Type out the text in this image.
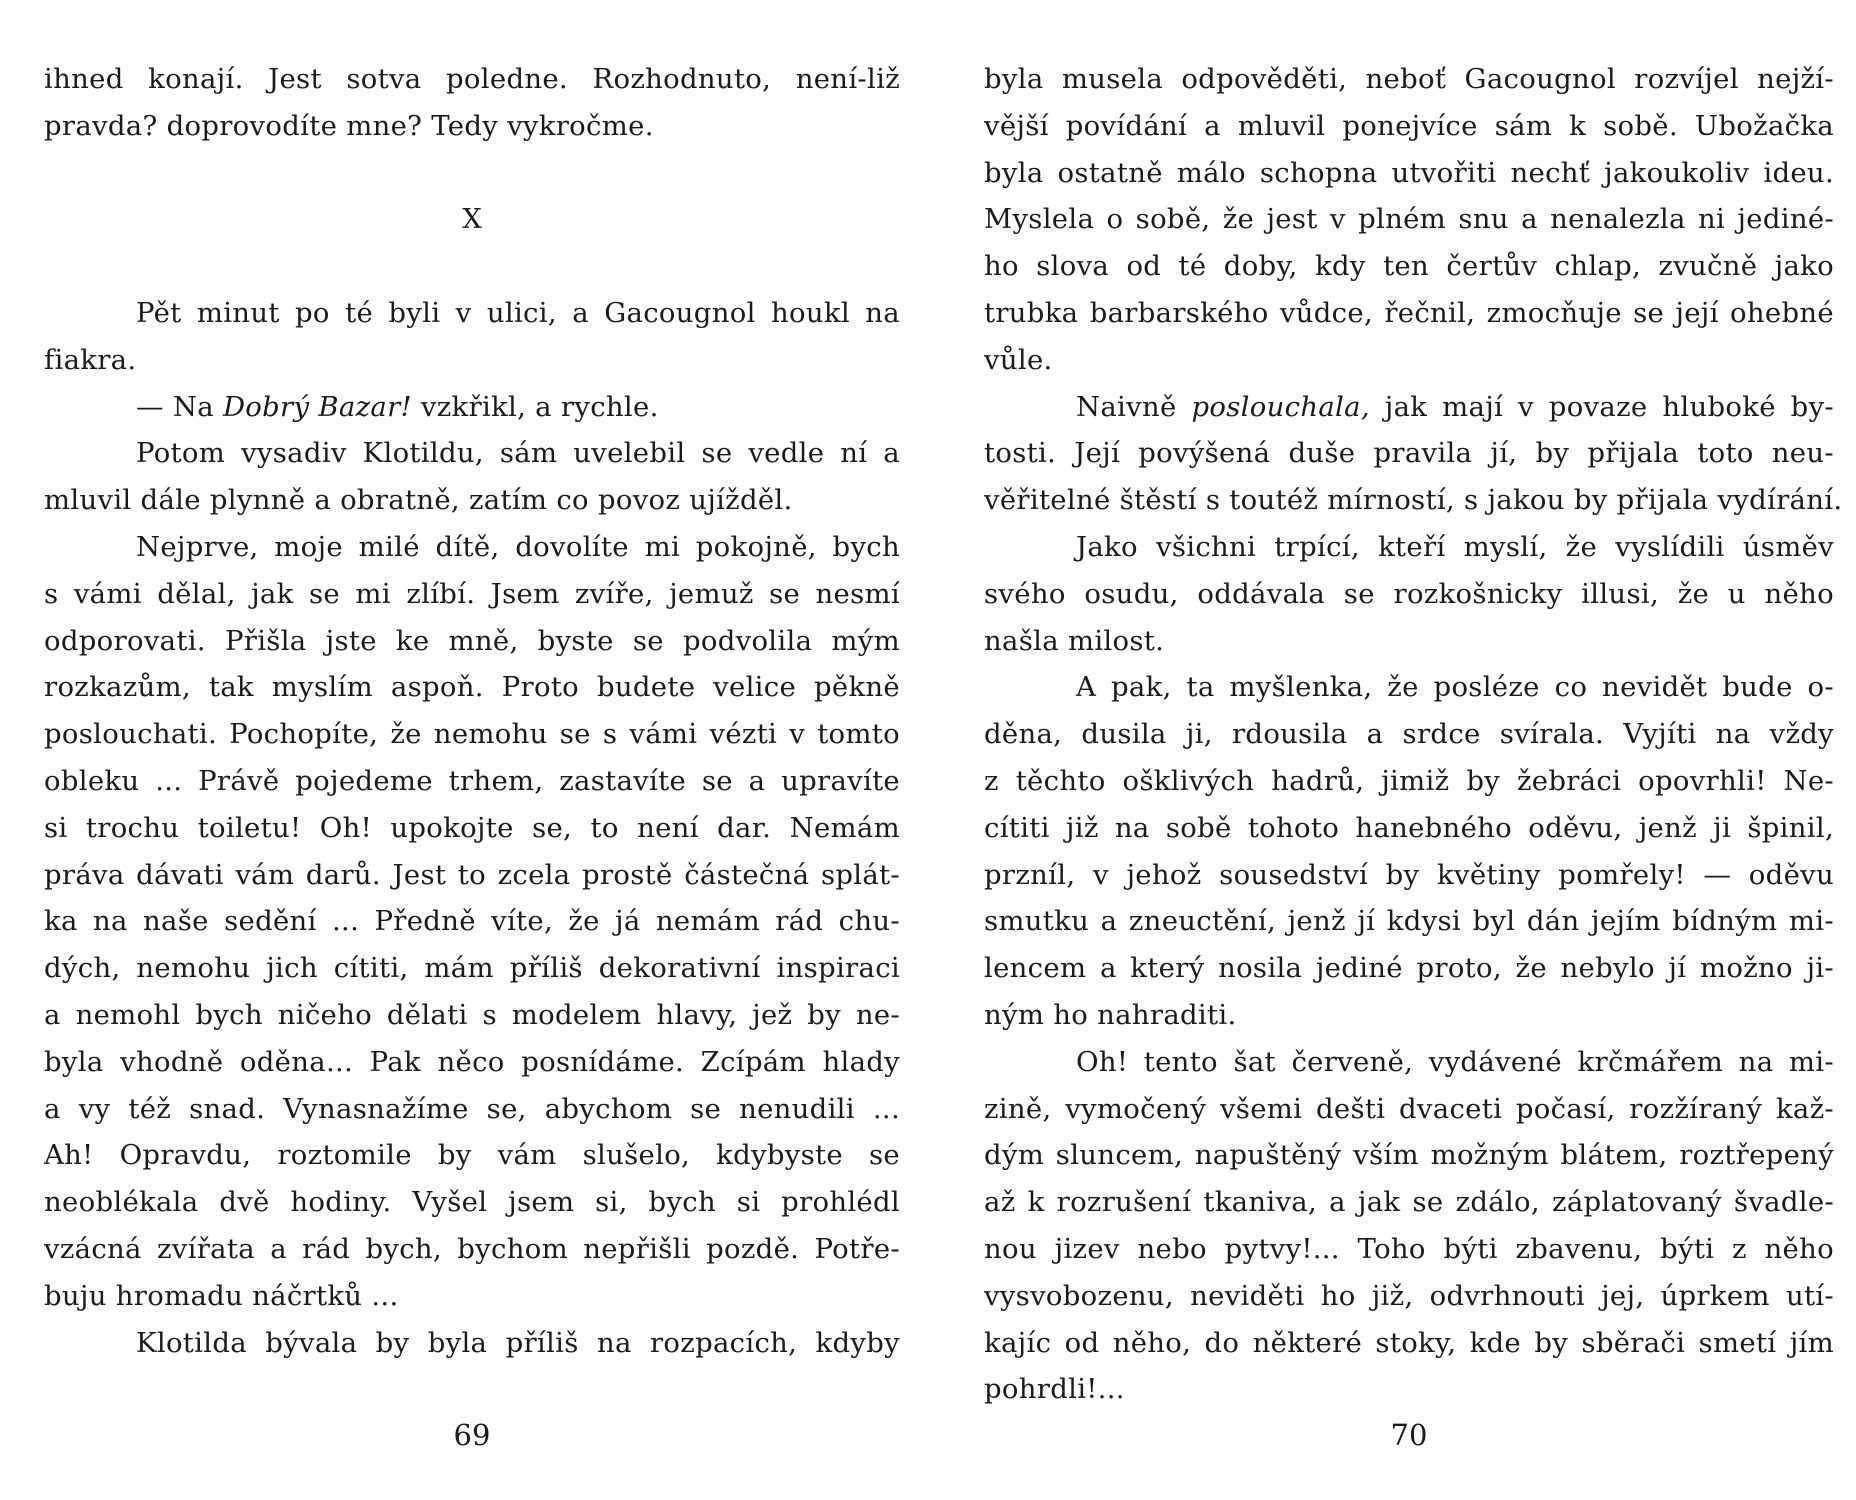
ihned konají. Jest sotva poledne. Rozhodnuto, není-liž
pravda? doprovodíte mne? Tedy vykročme.
X
Pět minut po té byli v ulici, a Gacougnol houkl na
fiakra.
— Na Dobrý Bazar! vzkřikl, a rychle.
Potom vysadiv Klotildu, sám uvelebil se vedle ní a
mluvil dále plynně a obratně, zatím co povoz ujížděl.
Nejprve, moje milé dítě, dovolíte mi pokojně, bych
s vámi dělal, jak se mi zlíbí. Jsem zvíře, jemuž se nesmí
odporovati. Přišla jste ke mně, byste se podvolila mým
rozkazům, tak myslím aspoň. Proto budete velice pěkně
poslouchati. Pochopíte, že nemohu se s vámi vézti v tomto
obleku ... Právě pojedeme trhem, zastavíte se a upravíte
si trochu toiletu! Oh! upokojte se, to není dar. Nemám
práva dávati vám darů. Jest to zcela prostě částečná splát-
ka na naše sedění ... Předně víte, že já nemám rád chu-
dých, nemohu jich cítiti, mám příliš dekorativní inspiraci
a nemohl bych ničeho dělati s modelem hlavy, jež by ne-
byla vhodně oděna... Pak něco posnídáme. Zcípám hlady
a vy též snad. Vynasnažíme se, abychom se nenudili ...
Ah! Opravdu, roztomile by vám slušelo, kdybyste se
neoblékala dvě hodiny. Vyšel jsem si, bych si prohlédl
vzácná zvířata a rád bych, bychom nepřišli pozdě. Potře-
buju hromadu náčrtků ...
Klotilda bývala by byla příliš na rozpacích, kdyby
69
byla musela odpověděti, neboť Gacougnol rozvíjel nejží-
vější povídání a mluvil ponejvíce sám k sobě. Ubožačka
byla ostatně málo schopna utvořiti nechť jakoukoliv ideu.
Myslela o sobě, že jest v plném snu a nenalezla ni jediné-
ho slova od té doby, kdy ten čertův chlap, zvučně jako
trubka barbarského vůdce, řečnil, zmocňuje se její ohebné
vůle.
Naivně poslouchala, jak mají v povaze hluboké by-
tosti. Její povýšená duše pravila jí, by přijala toto neu-
věřitelné štěstí s toutéž mírností, s jakou by přijala vydírání.
Jako všichni trpící, kteří myslí, že vyslídili úsměv
svého osudu, oddávala se rozkošnicky illusi, že u něho
našla milost.
A pak, ta myšlenka, že posléze co nevidět bude o-
děna, dusila ji, rdousila a srdce svírala. Vyjíti na vždy
z těchto ošklivých hadrů, jimiž by žebráci opovrhli! Ne-
cítiti již na sobě tohoto hanebného oděvu, jenž ji špinil,
przníl, v jehož sousedství by květiny pomřely! — oděvu
smutku a zneuctění, jenž jí kdysi byl dán jejím bídným mi-
lencem a který nosila jediné proto, že nebylo jí možno ji-
ným ho nahraditi.
Oh! tento šat červeně, vydávené krčmářem na mi-
zině, vymočený všemi dešti dvaceti počasí, rozžíraný kaž-
dým sluncem, napuštěný vším možným blátem, roztřepený
až k rozrušení tkaniva, a jak se zdálo, záplatovaný švadle-
nou jizev nebo pytvy!... Toho býti zbavenu, býti z něho
vysvobozenu, neviděti ho již, odvrhnouti jej, úprkem utí-
kajíc od něho, do některé stoky, kde by sběrači smetí jím
pohrdli!...
70
